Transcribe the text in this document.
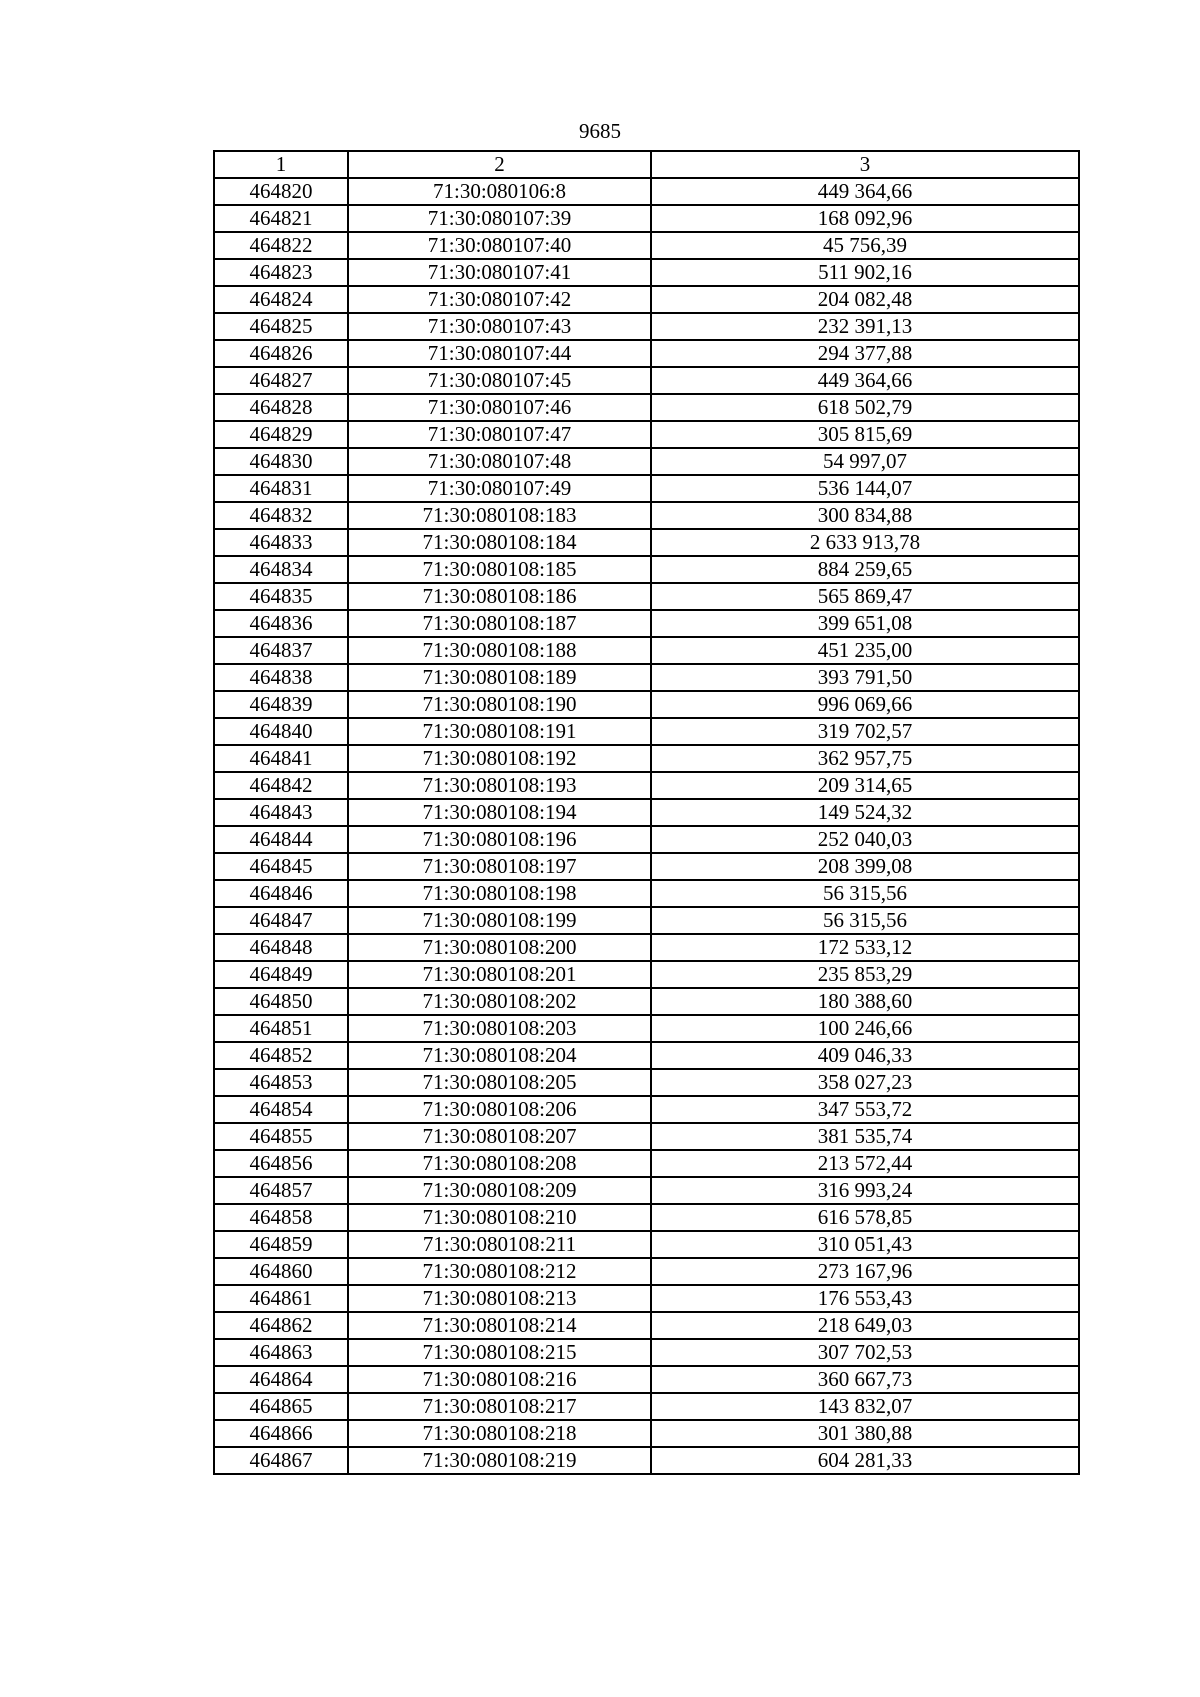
9685
1	2	3
464820	71:30:080106:8	449 364,66
464821	71:30:080107:39	168 092,96
464822	71:30:080107:40	45 756,39
464823	71:30:080107:41	511 902,16
464824	71:30:080107:42	204 082,48
464825	71:30:080107:43	232 391,13
464826	71:30:080107:44	294 377,88
464827	71:30:080107:45	449 364,66
464828	71:30:080107:46	618 502,79
464829	71:30:080107:47	305 815,69
464830	71:30:080107:48	54 997,07
464831	71:30:080107:49	536 144,07
464832	71:30:080108:183	300 834,88
464833	71:30:080108:184	2 633 913,78
464834	71:30:080108:185	884 259,65
464835	71:30:080108:186	565 869,47
464836	71:30:080108:187	399 651,08
464837	71:30:080108:188	451 235,00
464838	71:30:080108:189	393 791,50
464839	71:30:080108:190	996 069,66
464840	71:30:080108:191	319 702,57
464841	71:30:080108:192	362 957,75
464842	71:30:080108:193	209 314,65
464843	71:30:080108:194	149 524,32
464844	71:30:080108:196	252 040,03
464845	71:30:080108:197	208 399,08
464846	71:30:080108:198	56 315,56
464847	71:30:080108:199	56 315,56
464848	71:30:080108:200	172 533,12
464849	71:30:080108:201	235 853,29
464850	71:30:080108:202	180 388,60
464851	71:30:080108:203	100 246,66
464852	71:30:080108:204	409 046,33
464853	71:30:080108:205	358 027,23
464854	71:30:080108:206	347 553,72
464855	71:30:080108:207	381 535,74
464856	71:30:080108:208	213 572,44
464857	71:30:080108:209	316 993,24
464858	71:30:080108:210	616 578,85
464859	71:30:080108:211	310 051,43
464860	71:30:080108:212	273 167,96
464861	71:30:080108:213	176 553,43
464862	71:30:080108:214	218 649,03
464863	71:30:080108:215	307 702,53
464864	71:30:080108:216	360 667,73
464865	71:30:080108:217	143 832,07
464866	71:30:080108:218	301 380,88
464867	71:30:080108:219	604 281,33
